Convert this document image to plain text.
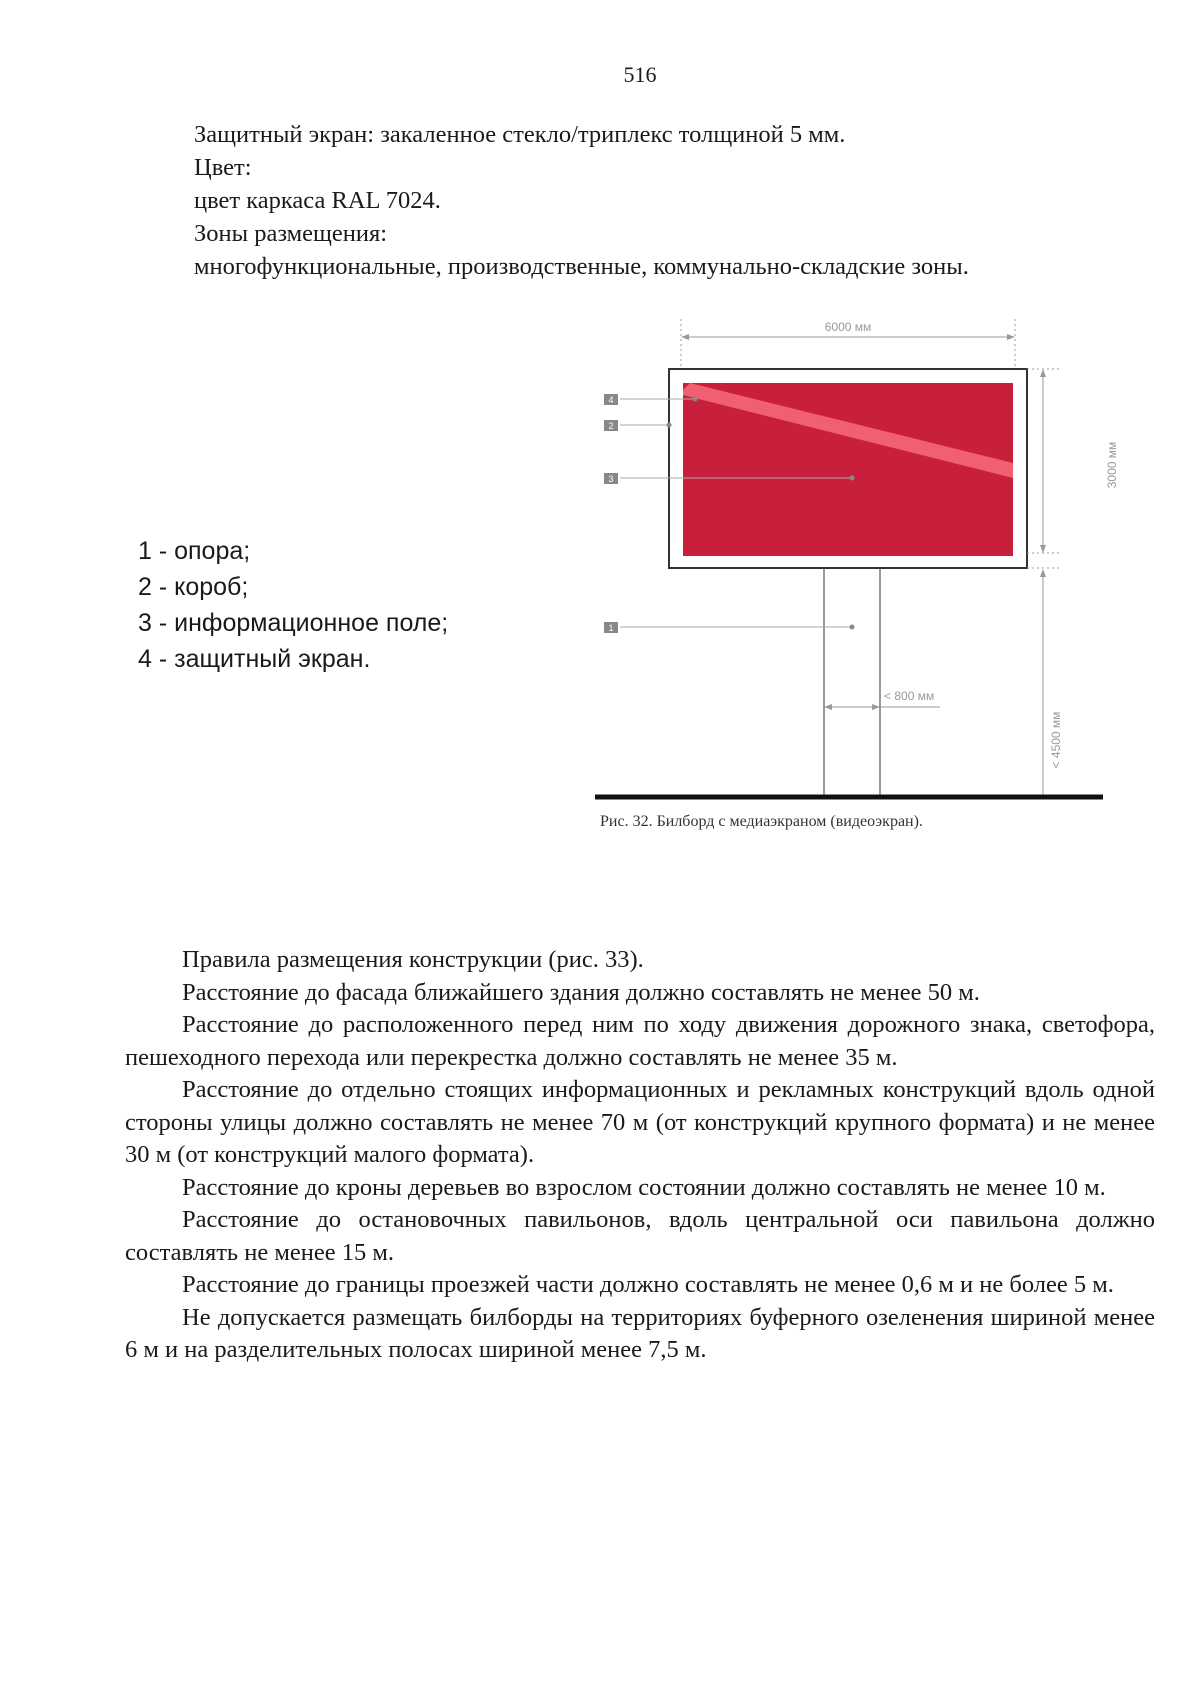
516
Защитный экран: закаленное стекло/триплекс толщиной 5 мм.
Цвет:
цвет каркаса RAL 7024.
Зоны размещения:
многофункциональные, производственные, коммунально-складские зоны.
1 - опора;
2 - короб;
3 - информационное поле;
4 - защитный экран.
6000 мм
3000 мм
< 800 мм
< 4500 мм
4
2
3
1
Рис. 32. Билборд с медиаэкраном (видеоэкран).

Правила размещения конструкции (рис. 33).

Расстояние до фасада ближайшего здания должно составлять не менее 50 м.

Расстояние до расположенного перед ним по ходу движения дорожного знака, светофора, пешеходного перехода или перекрестка должно составлять не менее 35 м.

Расстояние до отдельно стоящих информационных и рекламных конструкций вдоль одной стороны улицы должно составлять не менее 70 м (от конструкций крупного формата) и не менее 30 м (от конструкций малого формата).

Расстояние до кроны деревьев во взрослом состоянии должно составлять не менее 10 м.

Расстояние до остановочных павильонов, вдоль центральной оси павильона должно составлять не менее 15 м.

Расстояние до границы проезжей части должно составлять не менее 0,6 м и не более 5 м.

Не допускается размещать билборды на территориях буферного озеленения шириной менее 6 м и на разделительных полосах шириной менее 7,5 м.
